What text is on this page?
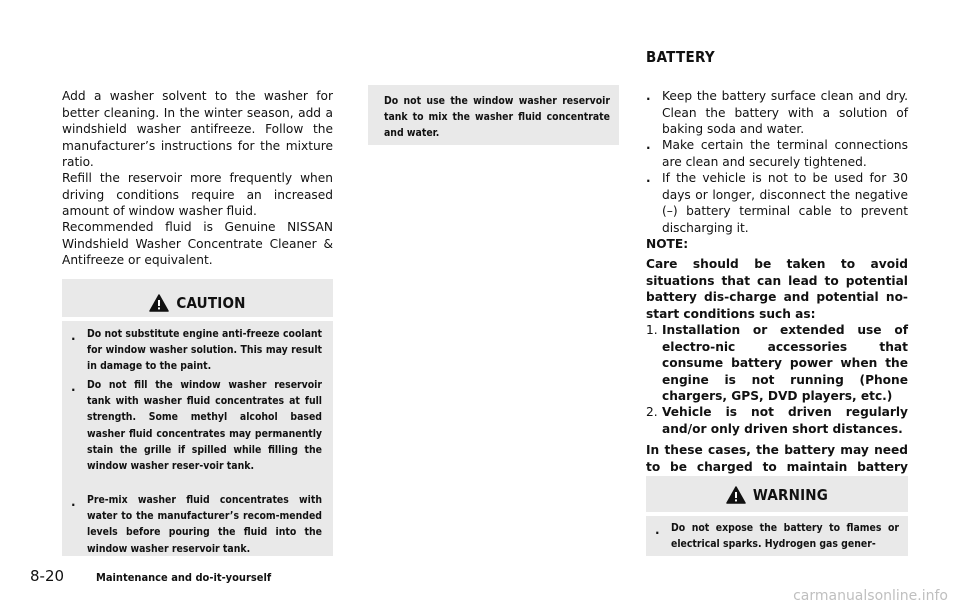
Add a washer solvent to the washer for better cleaning. In the winter season, add a windshield washer antifreeze. Follow the manufacturer’s instructions for the mixture ratio.

Refill the reservoir more frequently when driving conditions require an increased amount of window washer fluid.

Recommended fluid is Genuine NISSAN Windshield Washer Concentrate Cleaner & Antifreeze or equivalent.

CAUTION
. Do not substitute engine anti-freeze coolant for window washer solution. This may result in damage to the paint.

. Do not fill the window washer reservoir tank with washer fluid concentrates at full strength. Some methyl alcohol based washer fluid concentrates may permanently stain the grille if spilled while filling the window washer reser-voir tank.

. Pre-mix washer fluid concentrates with water to the manufacturer’s recom-mended levels before pouring the fluid into the window washer reservoir tank.

Do not use the window washer reservoir tank to mix the washer fluid concentrate and water.

BATTERY
. Keep the battery surface clean and dry. Clean the battery with a solution of baking soda and water.

. Make certain the terminal connections are clean and securely tightened.

. If the vehicle is not to be used for 30 days or longer, disconnect the negative (–) battery terminal cable to prevent discharging it.

NOTE:

Care should be taken to avoid situations that can lead to potential battery dis-charge and potential no-start conditions such as:

1. Installation or extended use of electro-nic accessories that consume battery power when the engine is not running (Phone chargers, GPS, DVD players, etc.)

2. Vehicle is not driven regularly and/or only driven short distances.

In these cases, the battery may need to be charged to maintain battery

WARNING
. Do not expose the battery to flames or electrical sparks. Hydrogen gas gener-

8-20	Maintenance and do-it-yourself
carmanualsonline.info
